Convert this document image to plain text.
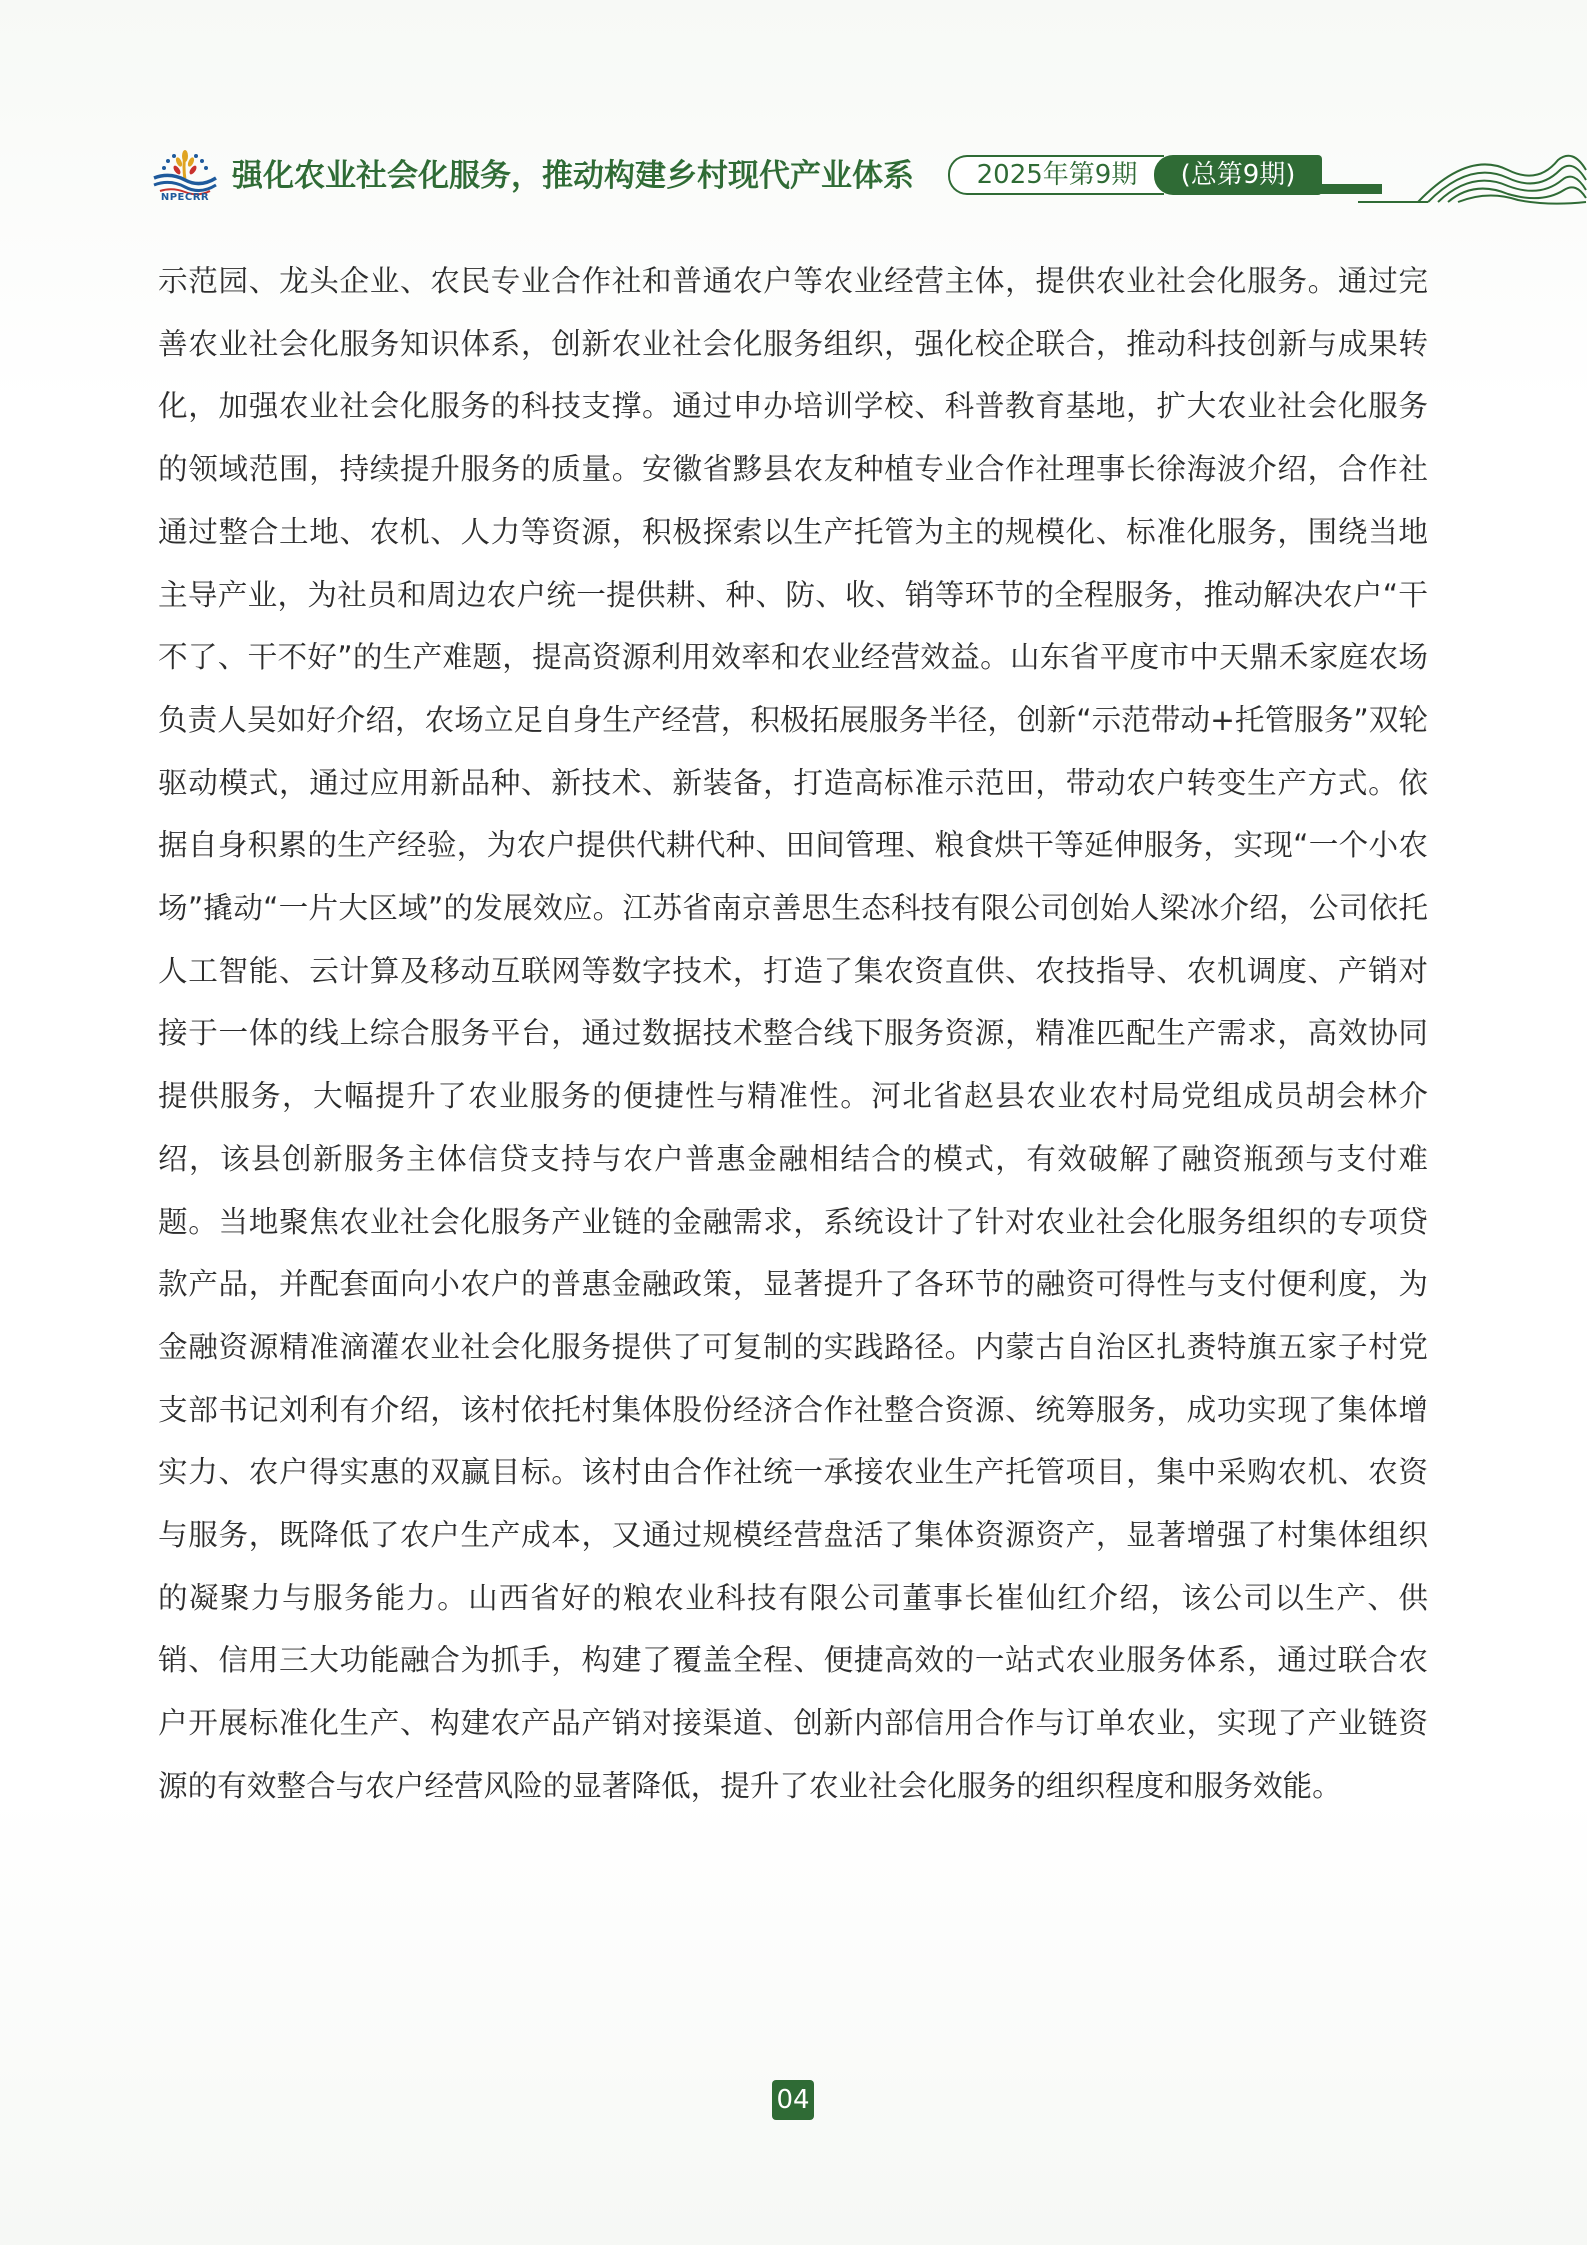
NPECRR
强化农业社会化服务，推动构建乡村现代产业体系	2025年第9期	(总第9期)

示范园、龙头企业、农民专业合作社和普通农户等农业经营主体，提供农业社会化服务。通过完善农业社会化服务知识体系，创新农业社会化服务组织，强化校企联合，推动科技创新与成果转化，加强农业社会化服务的科技支撑。通过申办培训学校、科普教育基地，扩大农业社会化服务的领域范围，持续提升服务的质量。安徽省黟县农友种植专业合作社理事长徐海波介绍，合作社通过整合土地、农机、人力等资源，积极探索以生产托管为主的规模化、标准化服务，围绕当地主导产业，为社员和周边农户统一提供耕、种、防、收、销等环节的全程服务，推动解决农户“干不了、干不好”的生产难题，提高资源利用效率和农业经营效益。山东省平度市中天鼎禾家庭农场负责人吴如好介绍，农场立足自身生产经营，积极拓展服务半径，创新“示范带动+托管服务”双轮驱动模式，通过应用新品种、新技术、新装备，打造高标准示范田，带动农户转变生产方式。依据自身积累的生产经验，为农户提供代耕代种、田间管理、粮食烘干等延伸服务，实现“一个小农场”撬动“一片大区域”的发展效应。江苏省南京善思生态科技有限公司创始人梁冰介绍，公司依托人工智能、云计算及移动互联网等数字技术，打造了集农资直供、农技指导、农机调度、产销对接于一体的线上综合服务平台，通过数据技术整合线下服务资源，精准匹配生产需求，高效协同提供服务，大幅提升了农业服务的便捷性与精准性。河北省赵县农业农村局党组成员胡会林介绍，该县创新服务主体信贷支持与农户普惠金融相结合的模式，有效破解了融资瓶颈与支付难题。当地聚焦农业社会化服务产业链的金融需求，系统设计了针对农业社会化服务组织的专项贷款产品，并配套面向小农户的普惠金融政策，显著提升了各环节的融资可得性与支付便利度，为金融资源精准滴灌农业社会化服务提供了可复制的实践路径。内蒙古自治区扎赉特旗五家子村党支部书记刘利有介绍，该村依托村集体股份经济合作社整合资源、统筹服务，成功实现了集体增实力、农户得实惠的双赢目标。该村由合作社统一承接农业生产托管项目，集中采购农机、农资与服务，既降低了农户生产成本，又通过规模经营盘活了集体资源资产，显著增强了村集体组织的凝聚力与服务能力。山西省好的粮农业科技有限公司董事长崔仙红介绍，该公司以生产、供销、信用三大功能融合为抓手，构建了覆盖全程、便捷高效的一站式农业服务体系，通过联合农户开展标准化生产、构建农产品产销对接渠道、创新内部信用合作与订单农业，实现了产业链资源的有效整合与农户经营风险的显著降低，提升了农业社会化服务的组织程度和服务效能。

04
